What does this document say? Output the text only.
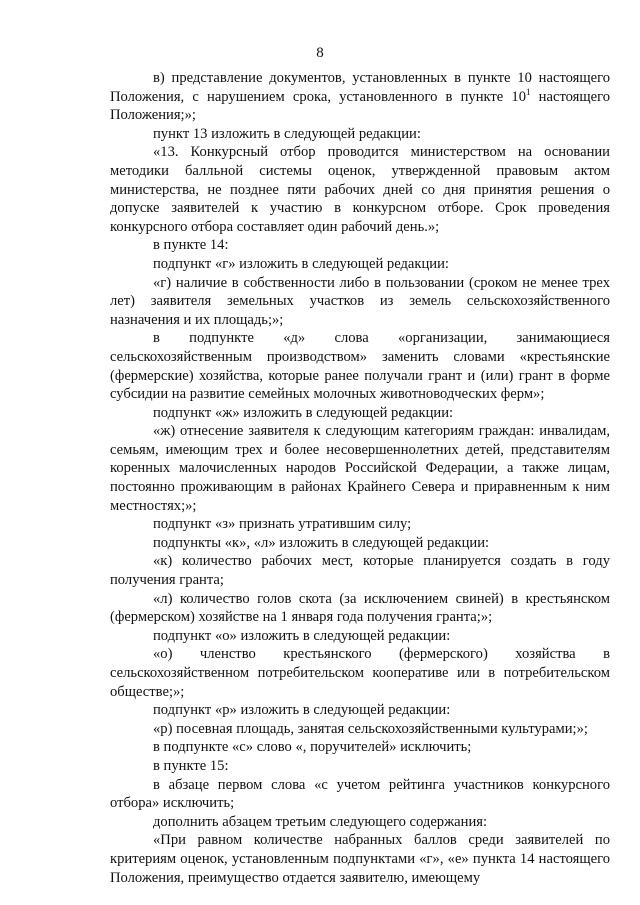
8

в) представление документов, установленных в пункте 10 настоящего Положения, с нарушением срока, установленного в пункте $10^1$ настоящего Положения;»;

пункт 13 изложить в следующей редакции:

«13. Конкурсный отбор проводится министерством на основании методики балльной системы оценок, утвержденной правовым актом министерства, не позднее пяти рабочих дней со дня принятия решения о допуске заявителей к участию в конкурсном отборе. Срок проведения конкурсного отбора составляет один рабочий день.»;

в пункте 14:

подпункт «г» изложить в следующей редакции:

«г) наличие в собственности либо в пользовании (сроком не менее трех лет) заявителя земельных участков из земель сельскохозяйственного назначения и их площадь;»;

в подпункте «д» слова «организации, занимающиеся сельскохозяйственным производством» заменить словами «крестьянские (фермерские) хозяйства, которые ранее получали грант и (или) грант в форме субсидии на развитие семейных молочных животноводческих ферм»;

подпункт «ж» изложить в следующей редакции:

«ж) отнесение заявителя к следующим категориям граждан: инвалидам, семьям, имеющим трех и более несовершеннолетних детей, представителям коренных малочисленных народов Российской Федерации, а также лицам, постоянно проживающим в районах Крайнего Севера и приравненным к ним местностях;»;

подпункт «з» признать утратившим силу;

подпункты «к», «л» изложить в следующей редакции:

«к) количество рабочих мест, которые планируется создать в году получения гранта;

«л) количество голов скота (за исключением свиней) в крестьянском (фермерском) хозяйстве на 1 января года получения гранта;»;

подпункт «о» изложить в следующей редакции:

«о) членство крестьянского (фермерского) хозяйства в сельскохозяйственном потребительском кооперативе или в потребительском обществе;»;

подпункт «р» изложить в следующей редакции:

«р) посевная площадь, занятая сельскохозяйственными культурами;»;

в подпункте «с» слово «, поручителей» исключить;

в пункте 15:

в абзаце первом слова «с учетом рейтинга участников конкурсного отбора» исключить;

дополнить абзацем третьим следующего содержания:

«При равном количестве набранных баллов среди заявителей по критериям оценок, установленным подпунктами «г», «е» пункта 14 настоящего Положения, преимущество отдается заявителю, имеющему
